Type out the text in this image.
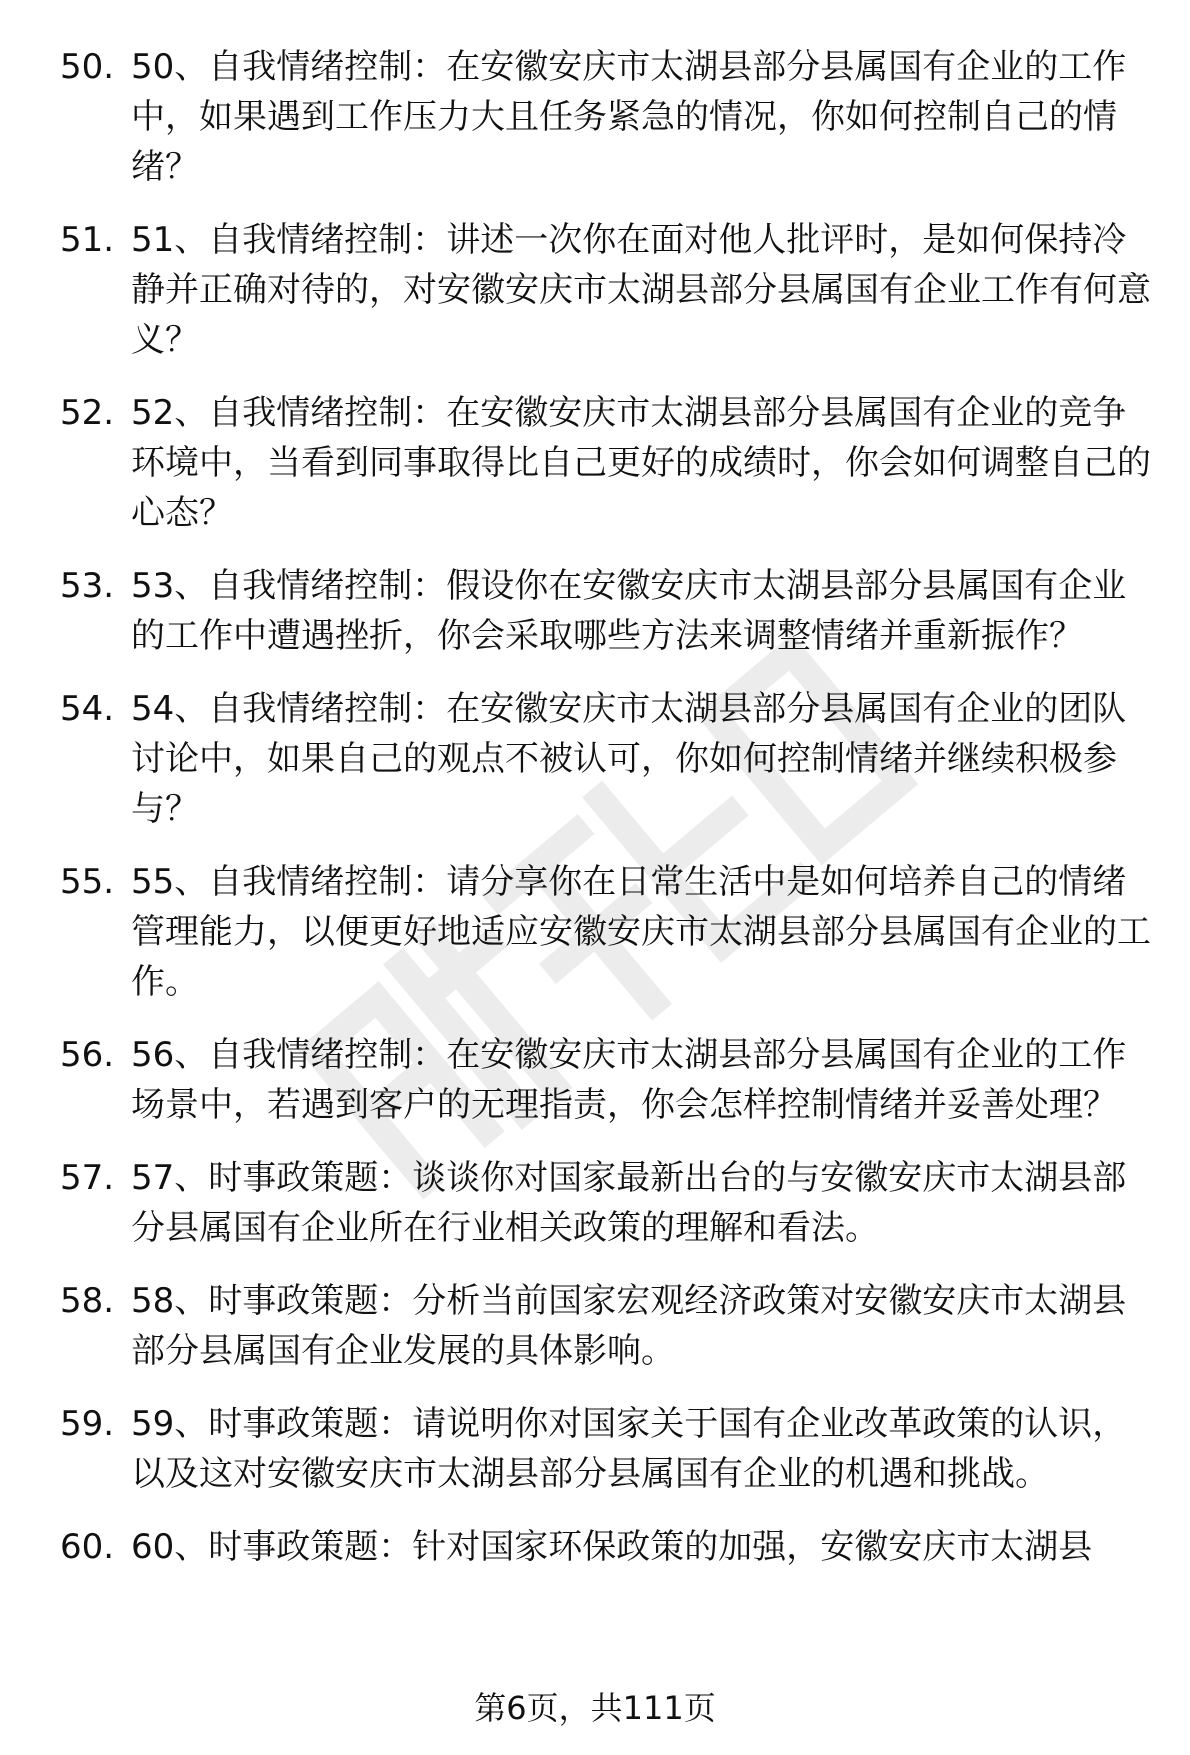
50. 50、自我情绪控制：在安徽安庆市太湖县部分县属国有企业的工作中，如果遇到工作压力大且任务紧急的情况，你如何控制自己的情绪？
51. 51、自我情绪控制：讲述一次你在面对他人批评时，是如何保持冷静并正确对待的，对安徽安庆市太湖县部分县属国有企业工作有何意义？
52. 52、自我情绪控制：在安徽安庆市太湖县部分县属国有企业的竞争环境中，当看到同事取得比自己更好的成绩时，你会如何调整自己的心态？
53. 53、自我情绪控制：假设你在安徽安庆市太湖县部分县属国有企业的工作中遭遇挫折，你会采取哪些方法来调整情绪并重新振作？
54. 54、自我情绪控制：在安徽安庆市太湖县部分县属国有企业的团队讨论中，如果自己的观点不被认可，你如何控制情绪并继续积极参与？
55. 55、自我情绪控制：请分享你在日常生活中是如何培养自己的情绪管理能力，以便更好地适应安徽安庆市太湖县部分县属国有企业的工作。
56. 56、自我情绪控制：在安徽安庆市太湖县部分县属国有企业的工作场景中，若遇到客户的无理指责，你会怎样控制情绪并妥善处理？
57. 57、时事政策题：谈谈你对国家最新出台的与安徽安庆市太湖县部分县属国有企业所在行业相关政策的理解和看法。
58. 58、时事政策题：分析当前国家宏观经济政策对安徽安庆市太湖县部分县属国有企业发展的具体影响。
59. 59、时事政策题：请说明你对国家关于国有企业改革政策的认识，以及这对安徽安庆市太湖县部分县属国有企业的机遇和挑战。
60. 60、时事政策题：针对国家环保政策的加强，安徽安庆市太湖县
第6页，共111页
